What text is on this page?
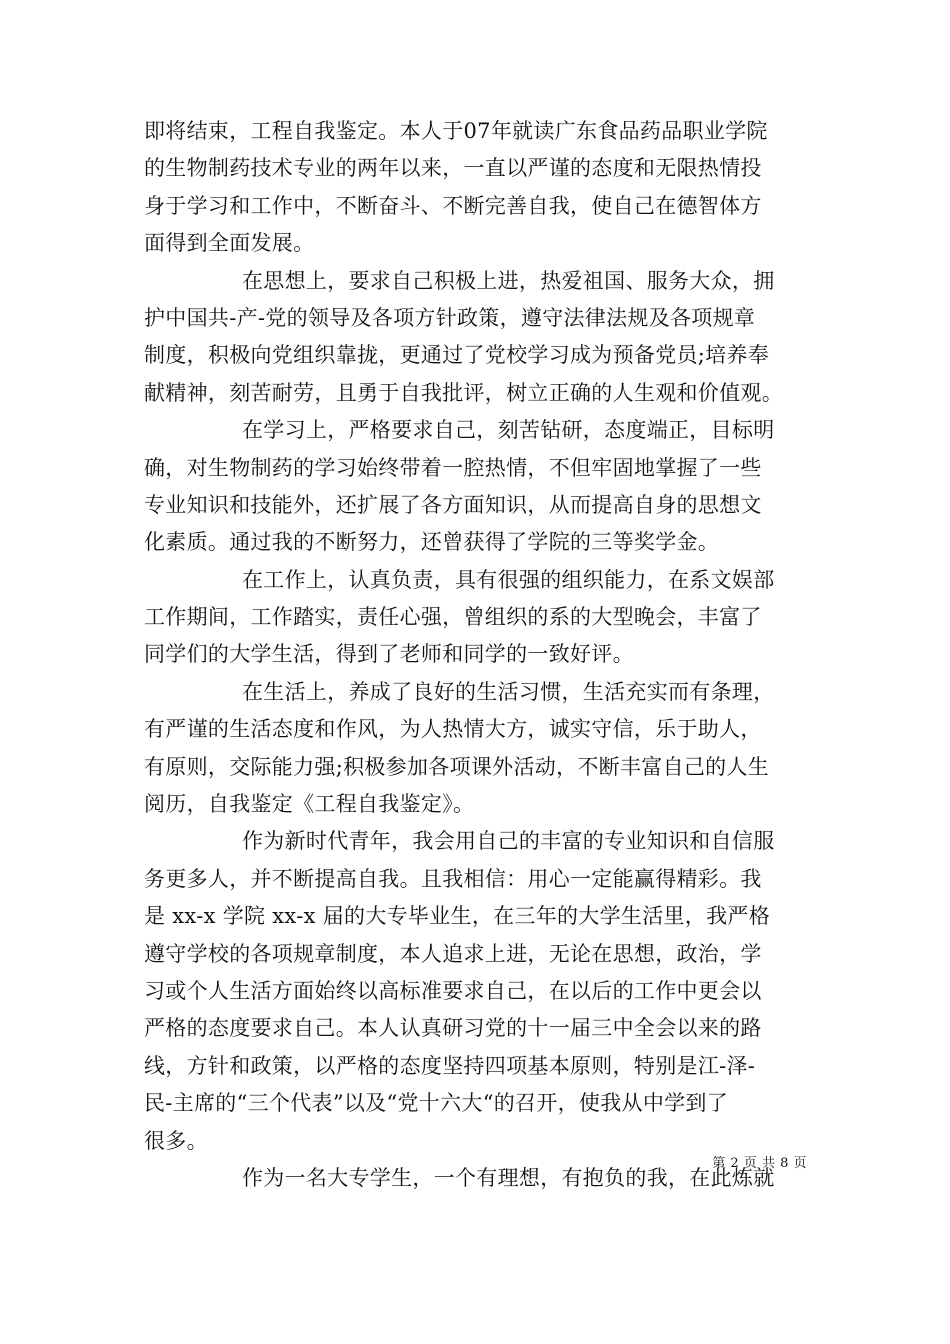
即将结束，工程自我鉴定。本人于07年就读广东食品药品职业学院
的生物制药技术专业的两年以来，一直以严谨的态度和无限热情投
身于学习和工作中，不断奋斗、不断完善自我，使自己在德智体方
面得到全面发展。
在思想上，要求自己积极上进，热爱祖国、服务大众，拥
护中国共-产-党的领导及各项方针政策，遵守法律法规及各项规章
制度，积极向党组织靠拢，更通过了党校学习成为预备党员;培养奉
献精神，刻苦耐劳，且勇于自我批评，树立正确的人生观和价值观。
在学习上，严格要求自己，刻苦钻研，态度端正，目标明
确，对生物制药的学习始终带着一腔热情，不但牢固地掌握了一些
专业知识和技能外，还扩展了各方面知识，从而提高自身的思想文
化素质。通过我的不断努力，还曾获得了学院的三等奖学金。
在工作上，认真负责，具有很强的组织能力，在系文娱部
工作期间，工作踏实，责任心强，曾组织的系的大型晚会，丰富了
同学们的大学生活，得到了老师和同学的一致好评。
在生活上，养成了良好的生活习惯，生活充实而有条理，
有严谨的生活态度和作风，为人热情大方，诚实守信，乐于助人，
有原则，交际能力强;积极参加各项课外活动，不断丰富自己的人生
阅历，自我鉴定《工程自我鉴定》。
作为新时代青年，我会用自己的丰富的专业知识和自信服
务更多人，并不断提高自我。且我相信：用心一定能赢得精彩。我
是 xx-x 学院 xx-x 届的大专毕业生，在三年的大学生活里，我严格
遵守学校的各项规章制度，本人追求上进，无论在思想，政治，学
习或个人生活方面始终以高标准要求自己，在以后的工作中更会以
严格的态度要求自己。本人认真研习党的十一届三中全会以来的路
线，方针和政策，以严格的态度坚持四项基本原则，特别是江-泽-
民-主席的“三个代表”以及“党十六大“的召开，使我从中学到了
很多。
作为一名大专学生，一个有理想，有抱负的我，在此炼就
第 2 页 共 8 页
